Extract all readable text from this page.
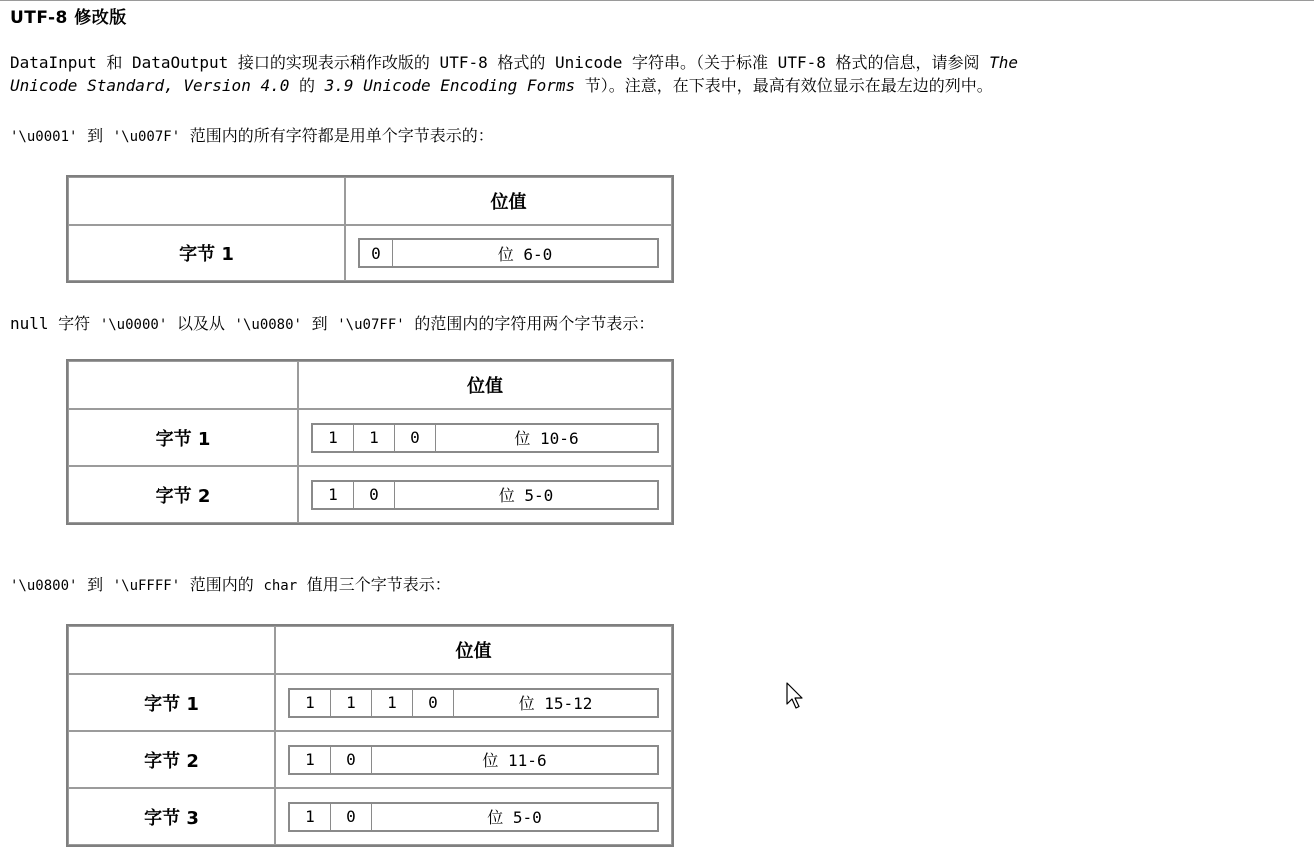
UTF-8 修改版
DataInput 和 DataOutput 接口的实现表示稍作改版的 UTF-8 格式的 Unicode 字符串。（关于标准 UTF-8 格式的信息，请参阅 The
Unicode Standard, Version 4.0 的 3.9 Unicode Encoding Forms 节）。注意，在下表中，最高有效位显示在最左边的列中。
'\u0001' 到 '\u007F' 范围内的所有字符都是用单个字节表示的：
	位值
字节 1		0	位 6-0
null 字符 '\u0000' 以及从 '\u0080' 到 '\u07FF' 的范围内的字符用两个字节表示：
	位值
字节 1		1	1	0	位 10-6

字节 2		1	0	位 5-0
'\u0800' 到 '\uFFFF' 范围内的 char 值用三个字节表示：
	位值
字节 1		1	1	1	0	位 15-12

字节 2		1	0	位 11-6

字节 3		1	0	位 5-0
